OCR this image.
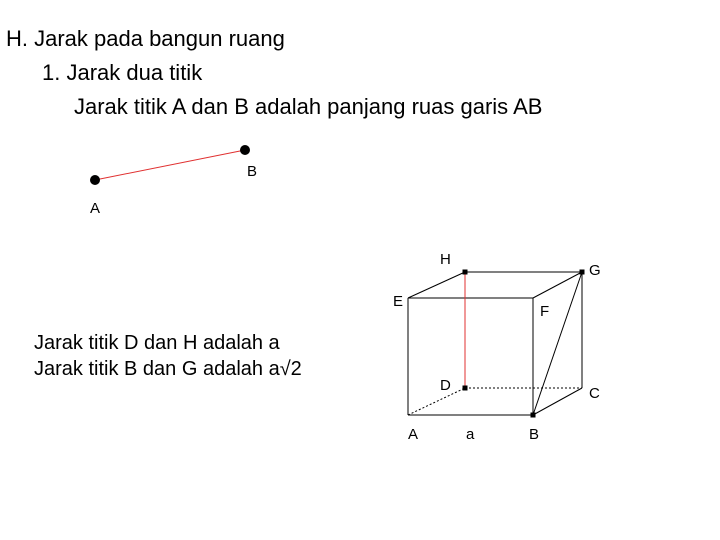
H. Jarak pada bangun ruang
1. Jarak dua titik
Jarak titik A dan B adalah panjang ruas garis AB
A
B
H
G
E
F
D	C
A	a	B
Jarak titik D dan H adalah a
Jarak titik B dan G adalah a√2
